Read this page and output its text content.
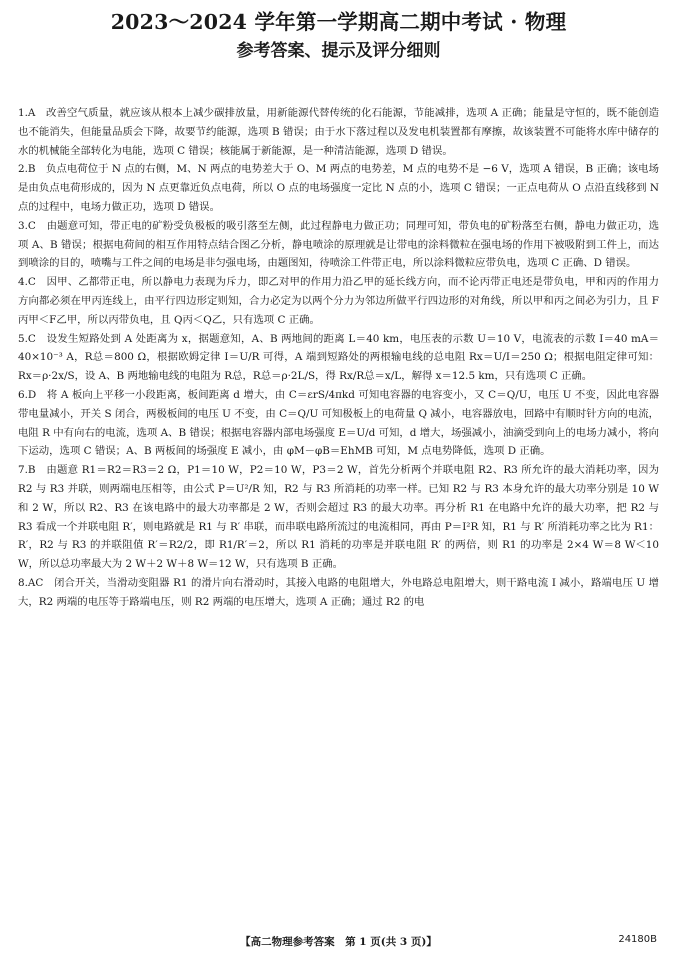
2023～2024 学年第一学期高二期中考试 · 物理
参考答案、提示及评分细则

1.A　 改善空气质量，就应该从根本上减少碳排放量，用新能源代替传统的化石能源，节能减排，选项 A 正确；能量是守恒的，既不能创造也不能消失，但能量品质会下降，故要节约能源，选项 B 错误；由于水下落过程以及发电机装置都有摩擦，故该装置不可能将水库中储存的水的机械能全部转化为电能，选项 C 错误；核能属于新能源，是一种清洁能源，选项 D 错误。

2.B　 负点电荷位于 N 点的右侧，M、N 两点的电势差大于 O、M 两点的电势差，M 点的电势不是 −6 V，选项 A 错误，B 正确；该电场是由负点电荷形成的，因为 N 点更靠近负点电荷，所以 O 点的电场强度一定比 N 点的小，选项 C 错误；一正点电荷从 O 点沿直线移到 N 点的过程中，电场力做正功，选项 D 错误。

3.C　 由题意可知，带正电的矿粉受负极板的吸引落至左侧，此过程静电力做正功；同理可知，带负电的矿粉落至右侧，静电力做正功，选项 A、B 错误；根据电荷间的相互作用特点结合图乙分析，静电喷涂的原理就是让带电的涂料微粒在强电场的作用下被吸附到工件上，而达到喷涂的目的，喷嘴与工件之间的电场是非匀强电场，由题图知，待喷涂工件带正电，所以涂料微粒应带负电，选项 C 正确、D 错误。

4.C　 因甲、乙都带正电，所以静电力表现为斥力，即乙对甲的作用力沿乙甲的延长线方向，而不论丙带正电还是带负电，甲和丙的作用力方向都必须在甲丙连线上，由平行四边形定则知，合力必定为以两个分力为邻边所做平行四边形的对角线，所以甲和丙之间必为引力，且 F丙甲＜F乙甲，所以丙带负电，且 Q丙＜Q乙，只有选项 C 正确。

5.C　 设发生短路处到 A 处距离为 x，据题意知，A、B 两地间的距离 L＝40 km，电压表的示数 U＝10 V，电流表的示数 I＝40 mA＝40×10⁻³ A，R总＝800 Ω，根据欧姆定律 I＝U/R 可得，A 端到短路处的两根输电线的总电阻 Rx＝U/I＝250 Ω；根据电阻定律可知：Rx＝ρ·2x/S，设 A、B 两地输电线的电阻为 R总，R总＝ρ·2L/S，得 Rx/R总＝x/L，解得 x＝12.5 km，只有选项 C 正确。

6.D　 将 A 板向上平移一小段距离，板间距离 d 增大，由 C＝εrS/4πkd 可知电容器的电容变小，又 C＝Q/U，电压 U 不变，因此电容器带电量减小，开关 S 闭合，两极板间的电压 U 不变，由 C＝Q/U 可知极板上的电荷量 Q 减小，电容器放电，回路中有顺时针方向的电流，电阻 R 中有向右的电流，选项 A、B 错误；根据电容器内部电场强度 E＝U/d 可知，d 增大，场强减小，油滴受到向上的电场力减小，将向下运动，选项 C 错误；A、B 两板间的场强度 E 减小，由 φM－φB＝EhMB 可知，M 点电势降低，选项 D 正确。

7.B　 由题意 R1＝R2＝R3＝2 Ω，P1＝10 W，P2＝10 W，P3＝2 W，首先分析两个并联电阻 R2、R3 所允许的最大消耗功率，因为 R2 与 R3 并联，则两端电压相等，由公式 P＝U²/R 知，R2 与 R3 所消耗的功率一样。已知 R2 与 R3 本身允许的最大功率分别是 10 W 和 2 W，所以 R2、R3 在该电路中的最大功率都是 2 W，否则会超过 R3 的最大功率。再分析 R1 在电路中允许的最大功率，把 R2 与 R3 看成一个并联电阻 R′，则电路就是 R1 与 R′ 串联，而串联电路所流过的电流相同，再由 P＝I²R 知，R1 与 R′ 所消耗功率之比为 R1：R′，R2 与 R3 的并联阻值 R′＝R2/2，即 R1/R′＝2，所以 R1 消耗的功率是并联电阻 R′ 的两倍，则 R1 的功率是 2×4 W＝8 W＜10 W，所以总功率最大为 2 W＋2 W＋8 W＝12 W，只有选项 B 正确。

8.AC　 闭合开关，当滑动变阻器 R1 的滑片向右滑动时，其接入电路的电阻增大，外电路总电阻增大，则干路电流 I 减小，路端电压 U 增大，R2 两端的电压等于路端电压，则 R2 两端的电压增大，选项 A 正确；通过 R2 的电

【高二物理参考答案　第 1 页(共 3 页)】	24180B
